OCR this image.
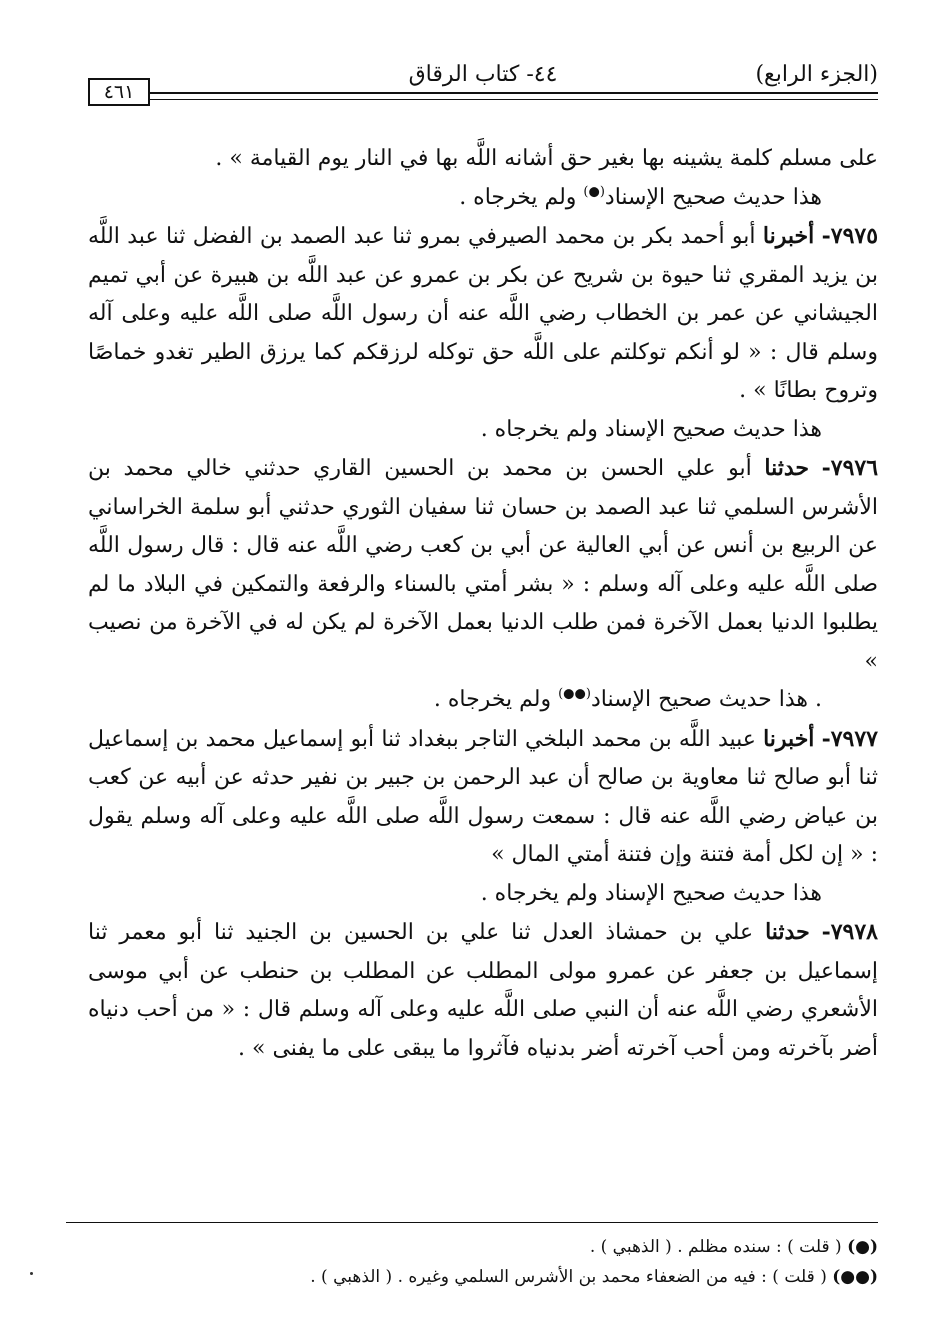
(الجزء الرابع)
٤٤- كتاب الرقاق
٤٦١

على مسلم كلمة يشينه بها بغير حق أشانه اللَّه بها في النار يوم القيامة » .

هذا حديث صحيح الإسناد(●) ولم يخرجاه .

٧٩٧٥- أخبرنا أبو أحمد بكر بن محمد الصيرفي بمرو ثنا عبد الصمد بن الفضل ثنا عبد اللَّه بن يزيد المقري ثنا حيوة بن شريح عن بكر بن عمرو عن عبد اللَّه بن هبيرة عن أبي تميم الجيشاني عن عمر بن الخطاب رضي اللَّه عنه أن رسول اللَّه صلى اللَّه عليه وعلى آله وسلم قال : « لو أنكم توكلتم على اللَّه حق توكله لرزقكم كما يرزق الطير تغدو خماصًا وتروح بطانًا » .

هذا حديث صحيح الإسناد ولم يخرجاه .

٧٩٧٦- حدثنا أبو علي الحسن بن محمد بن الحسين القاري حدثني خالي محمد بن الأشرس السلمي ثنا عبد الصمد بن حسان ثنا سفيان الثوري حدثني أبو سلمة الخراساني عن الربيع بن أنس عن أبي العالية عن أبي بن كعب رضي اللَّه عنه قال : قال رسول اللَّه صلى اللَّه عليه وعلى آله وسلم : « بشر أمتي بالسناء والرفعة والتمكين في البلاد ما لم يطلبوا الدنيا بعمل الآخرة فمن طلب الدنيا بعمل الآخرة لم يكن له في الآخرة من نصيب »

. هذا حديث صحيح الإسناد(●●) ولم يخرجاه .

٧٩٧٧- أخبرنا عبيد اللَّه بن محمد البلخي التاجر ببغداد ثنا أبو إسماعيل محمد بن إسماعيل ثنا أبو صالح ثنا معاوية بن صالح أن عبد الرحمن بن جبير بن نفير حدثه عن أبيه عن كعب بن عياض رضي اللَّه عنه قال : سمعت رسول اللَّه صلى اللَّه عليه وعلى آله وسلم يقول : « إن لكل أمة فتنة وإن فتنة أمتي المال »

هذا حديث صحيح الإسناد ولم يخرجاه .

٧٩٧٨- حدثنا علي بن حمشاذ العدل ثنا علي بن الحسين بن الجنيد ثنا أبو معمر ثنا إسماعيل بن جعفر عن عمرو مولى المطلب عن المطلب بن حنطب عن أبي موسى الأشعري رضي اللَّه عنه أن النبي صلى اللَّه عليه وعلى آله وسلم قال : « من أحب دنياه أضر بآخرته ومن أحب آخرته أضر بدنياه فآثروا ما يبقى على ما يفنى » .

(●) ( قلت ) : سنده مظلم . ( الذهبي ) .

(●●) ( قلت ) : فيه من الضعفاء محمد بن الأشرس السلمي وغيره . ( الذهبي ) .
